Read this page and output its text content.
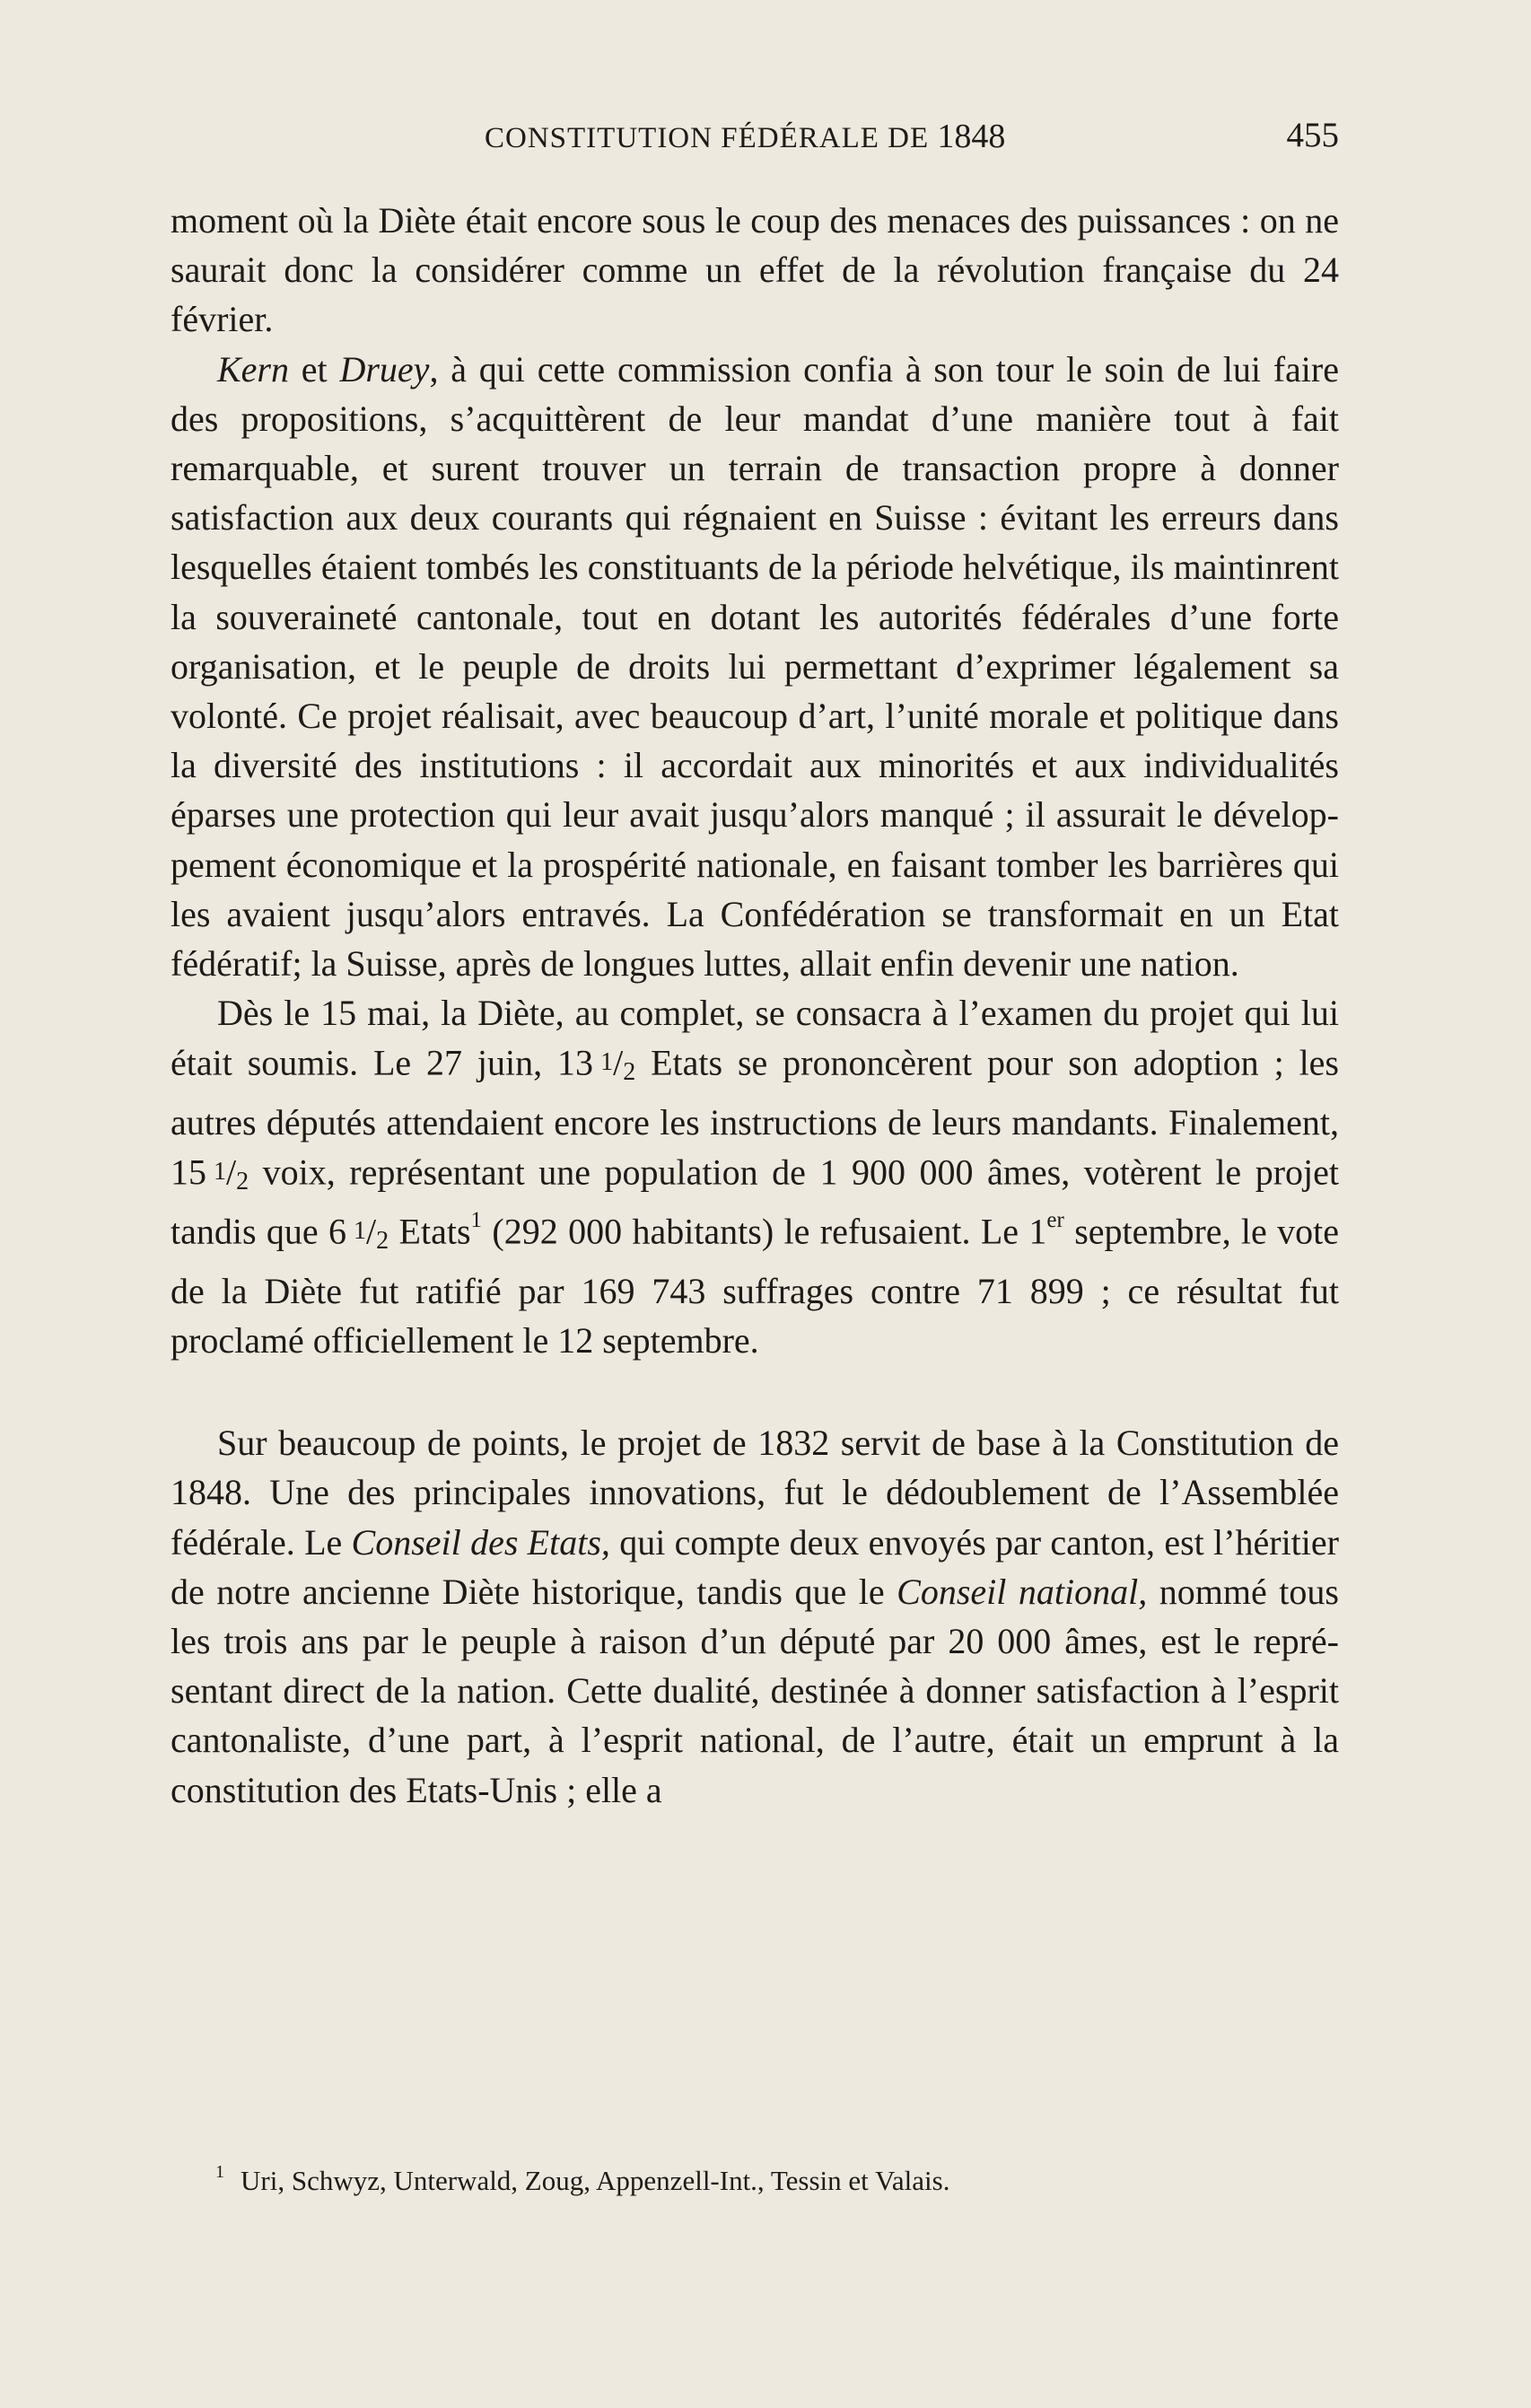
CONSTITUTION FÉDÉRALE DE 1848	455

moment où la Diète était encore sous le coup des menaces des puissances : on ne saurait donc la considérer comme un effet de la révolution française du 24 février.

Kern et Druey, à qui cette commission confia à son tour le soin de lui faire des propositions, s’acquittèrent de leur mandat d’une manière tout à fait remarquable, et surent trouver un terrain de transaction propre à donner satisfaction aux deux courants qui régnaient en Suisse : évitant les erreurs dans lesquelles étaient tombés les constituants de la période helvétique, ils maintinrent la souveraineté cantonale, tout en dotant les autorités fédérales d’une forte organisation, et le peuple de droits lui permettant d’exprimer légalement sa volonté. Ce projet réalisait, avec beaucoup d’art, l’unité morale et politique dans la diversité des institutions : il accordait aux minorités et aux individualités éparses une protection qui leur avait jusqu’alors manqué ; il assurait le développement économique et la prospérité nationale, en faisant tomber les barrières qui les avaient jusqu’alors entravés. La Confédération se transformait en un Etat fédératif; la Suisse, après de longues luttes, allait enfin devenir une nation.

Dès le 15 mai, la Diète, au complet, se consacra à l’examen du projet qui lui était soumis. Le 27 juin, 13  1/2 Etats se prononcèrent pour son adoption ; les autres députés attendaient encore les instructions de leurs mandants. Finalement, 15  1/2 voix, représentant une population de 1 900 000 âmes, votèrent le projet tandis que 6  1/2 Etats$^1$ (292 000 habitants) le refusaient. Le 1er septembre, le vote de la Diète fut ratifié par 169 743 suffrages contre 71 899 ; ce résultat fut proclamé officiellement le 12 septembre.

Sur beaucoup de points, le projet de 1832 servit de base à la Constitution de 1848. Une des principales innovations, fut le dédoublement de l’Assemblée fédérale. Le Conseil des Etats, qui compte deux envoyés par canton, est l’héritier de notre ancienne Diète historique, tandis que le Conseil national, nommé tous les trois ans par le peuple à raison d’un député par 20 000 âmes, est le représentant direct de la nation. Cette dualité, destinée à donner satisfaction à l’esprit cantonaliste, d’une part, à l’esprit national, de l’autre, était un emprunt à la constitution des Etats-Unis ; elle a

$^1$ Uri, Schwyz, Unterwald, Zoug, Appenzell-Int., Tessin et Valais.
